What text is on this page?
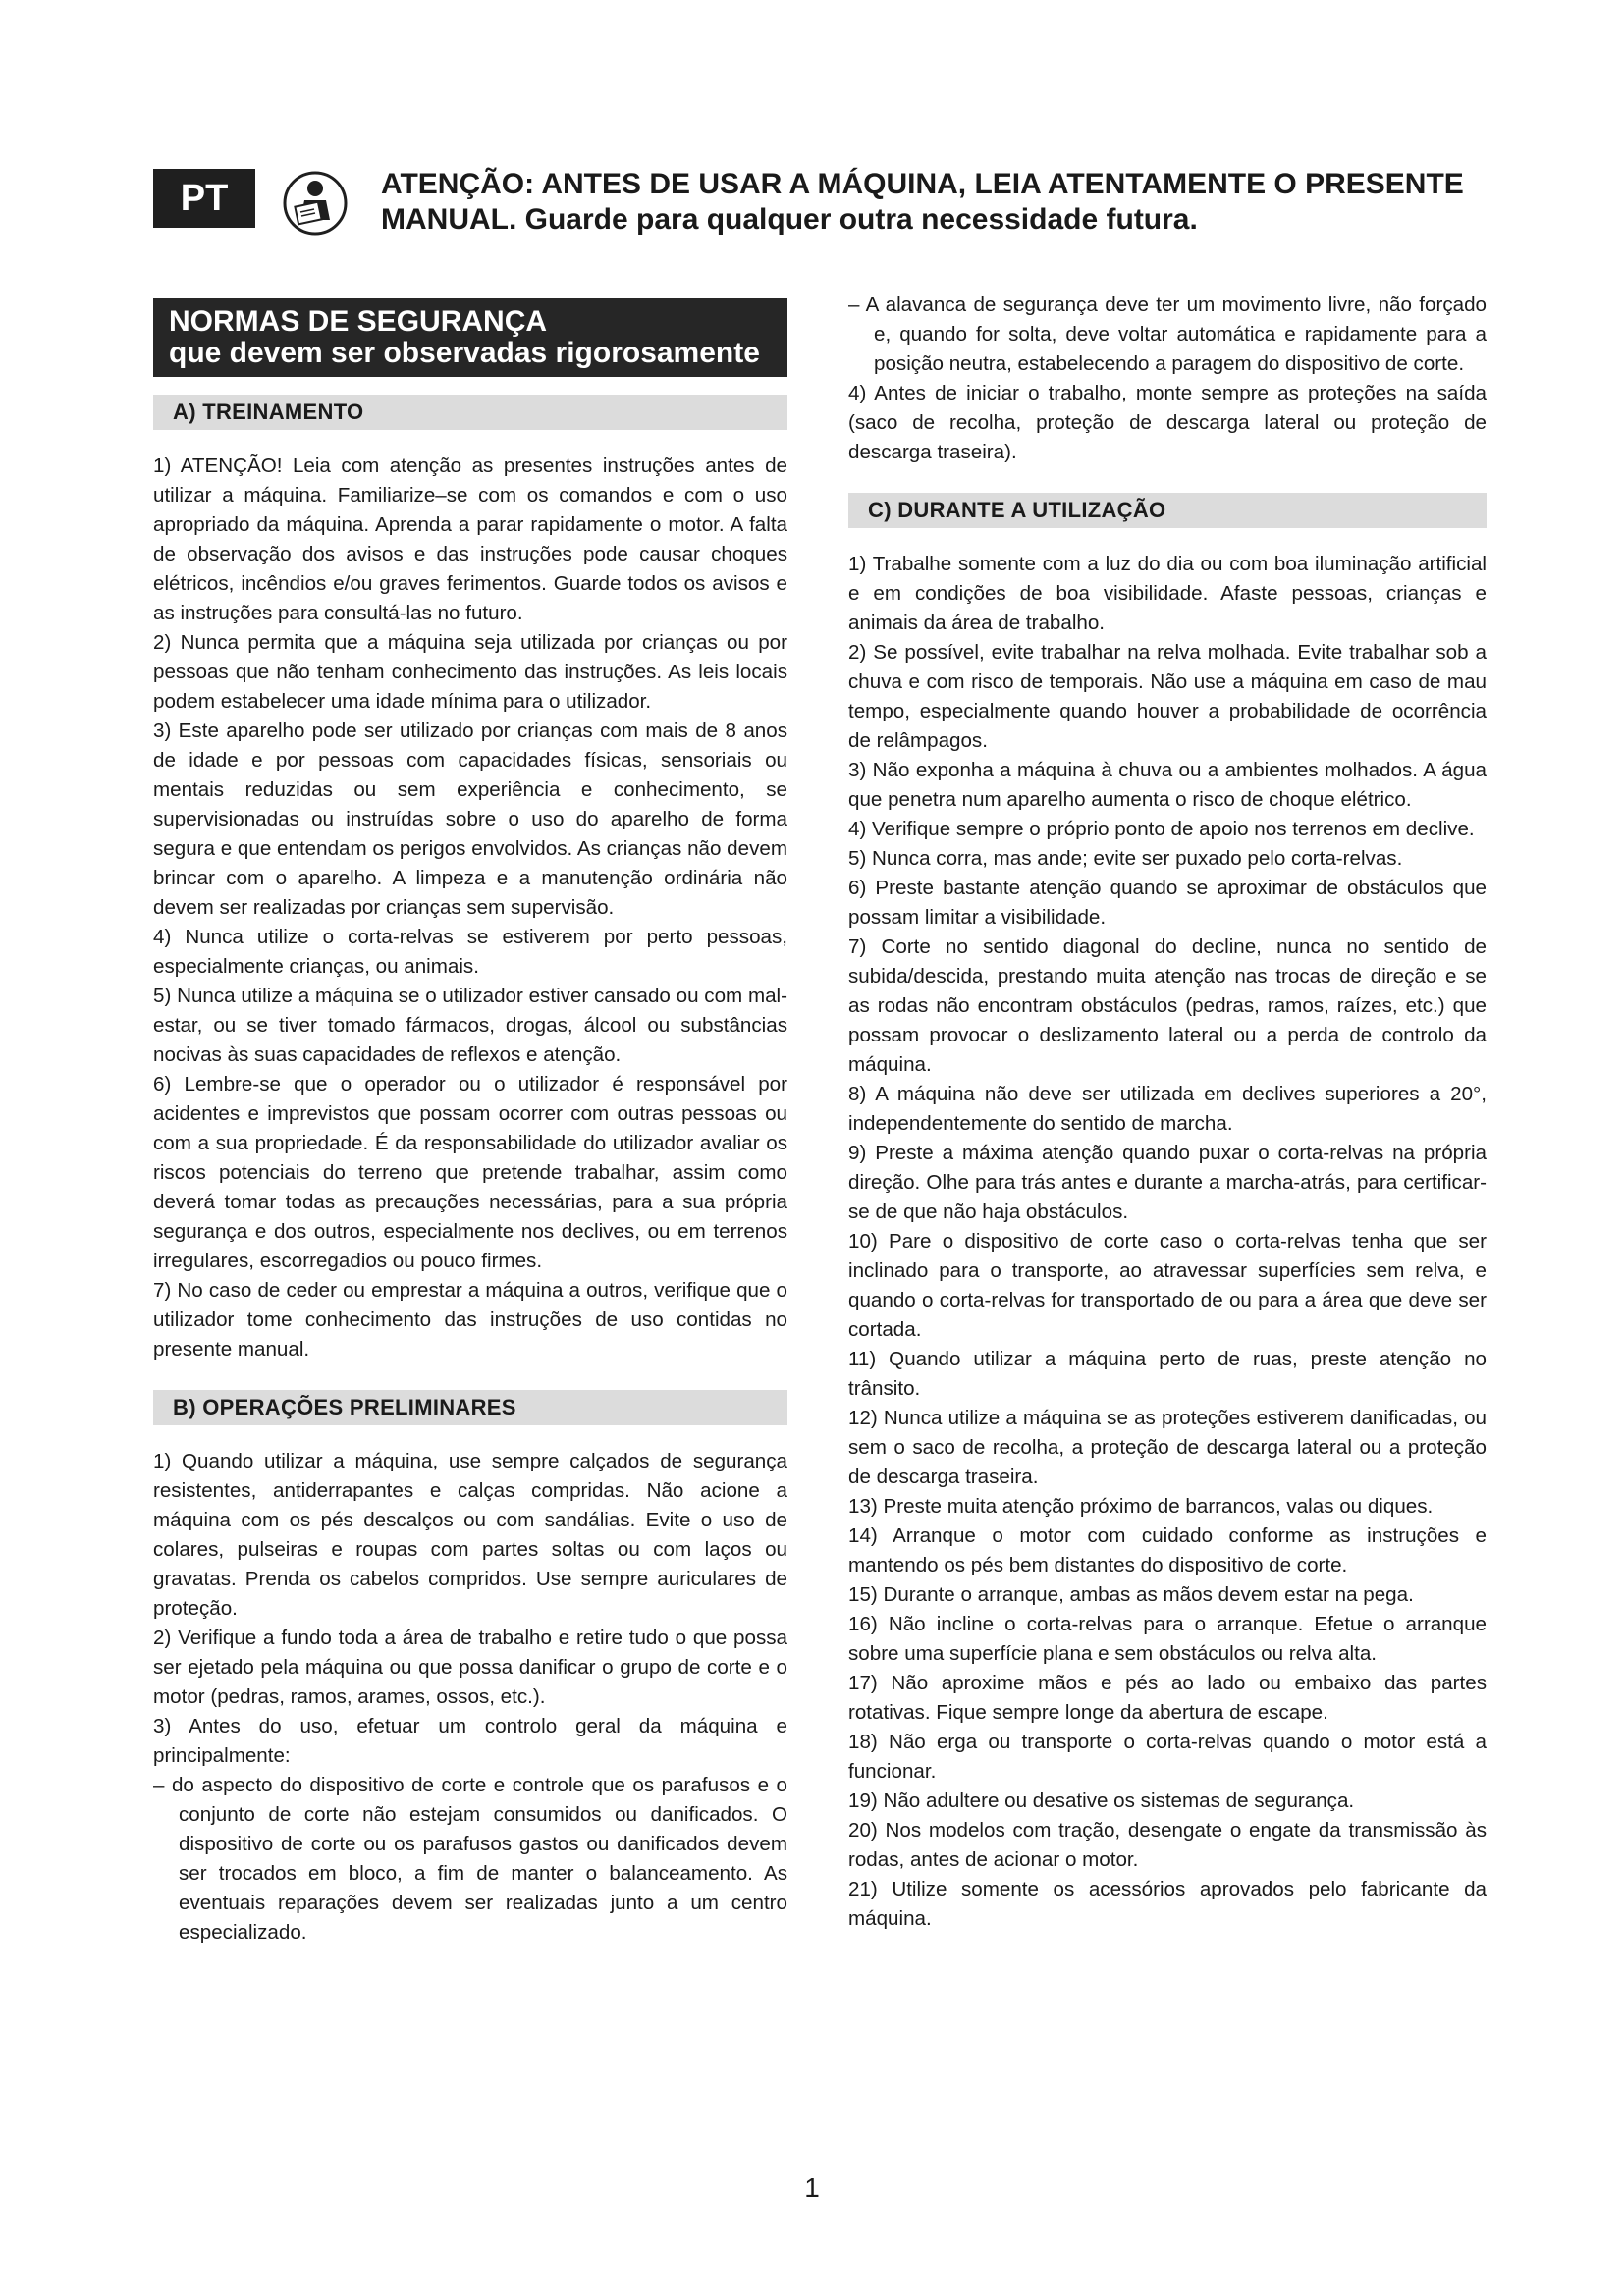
PT	ATENÇÃO: ANTES DE USAR A MÁQUINA, LEIA ATENTAMENTE O PRESENTE
MANUAL. Guarde para qualquer outra necessidade futura.
NORMAS DE SEGURANÇA
que devem ser observadas rigorosamente
A) TREINAMENTO

1) ATENÇÃO! Leia com atenção as presentes instruções antes de utilizar a máquina. Familiarize–se com os comandos e com o uso apropriado da máquina. Aprenda a parar rapidamente o motor. A falta de observação dos avisos e das instruções pode causar choques elétricos, incêndios e/ou graves ferimentos. Guarde todos os avisos e as instruções para consultá-las no futuro.

2) Nunca permita que a máquina seja utilizada por crianças ou por pessoas que não tenham conhecimento das instruções. As leis locais podem estabelecer uma idade mínima para o utilizador.

3) Este aparelho pode ser utilizado por crianças com mais de 8 anos de idade e por pessoas com capacidades físicas, sensoriais ou mentais reduzidas ou sem experiência e conhecimento, se supervisionadas ou instruídas sobre o uso do aparelho de forma segura e que entendam os perigos envolvidos. As crianças não devem brincar com o aparelho. A limpeza e a manutenção ordinária não devem ser realizadas por crianças sem supervisão.

4) Nunca utilize o corta-relvas se estiverem por perto pessoas, especialmente crianças, ou animais.

5) Nunca utilize a máquina se o utilizador estiver cansado ou com mal-estar, ou se tiver tomado fármacos, drogas, álcool ou substâncias nocivas às suas capacidades de reflexos e atenção.

6) Lembre-se que o operador ou o utilizador é responsável por acidentes e imprevistos que possam ocorrer com outras pessoas ou com a sua propriedade. É da responsabilidade do utilizador avaliar os riscos potenciais do terreno que pretende trabalhar, assim como deverá tomar todas as precauções necessárias, para a sua própria segurança e dos outros, especialmente nos declives, ou em terrenos irregulares, escorregadios ou pouco firmes.

7) No caso de ceder ou emprestar a máquina a outros, verifique que o utilizador tome conhecimento das instruções de uso contidas no presente manual.

B) OPERAÇÕES PRELIMINARES

1) Quando utilizar a máquina, use sempre calçados de segurança resistentes, antiderrapantes e calças compridas. Não acione a máquina com os pés descalços ou com sandálias. Evite o uso de colares, pulseiras e roupas com partes soltas ou com laços ou gravatas. Prenda os cabelos compridos. Use sempre auriculares de proteção.

2) Verifique a fundo toda a área de trabalho e retire tudo o que possa ser ejetado pela máquina ou que possa danificar o grupo de corte e o motor (pedras, ramos, arames, ossos, etc.).

3) Antes do uso, efetuar um controlo geral da máquina e principalmente:

– do aspecto do dispositivo de corte e controle que os parafusos e o conjunto de corte não estejam consumidos ou danificados. O dispositivo de corte ou os parafusos gastos ou danificados devem ser trocados em bloco, a fim de manter o balanceamento. As eventuais reparações devem ser realizadas junto a um centro especializado.

– A alavanca de segurança deve ter um movimento livre, não forçado e, quando for solta, deve voltar automática e rapidamente para a posição neutra, estabelecendo a paragem do dispositivo de corte.

4) Antes de iniciar o trabalho, monte sempre as proteções na saída (saco de recolha, proteção de descarga lateral ou proteção de descarga traseira).

C) DURANTE A UTILIZAÇÃO

1) Trabalhe somente com a luz do dia ou com boa iluminação artificial e em condições de boa visibilidade. Afaste pessoas, crianças e animais da área de trabalho.

2) Se possível, evite trabalhar na relva molhada. Evite trabalhar sob a chuva e com risco de temporais. Não use a máquina em caso de mau tempo, especialmente quando houver a probabilidade de ocorrência de relâmpagos.

3) Não exponha a máquina à chuva ou a ambientes molhados. A água que penetra num aparelho aumenta o risco de choque elétrico.

4) Verifique sempre o próprio ponto de apoio nos terrenos em declive.

5) Nunca corra, mas ande; evite ser puxado pelo corta-relvas.

6) Preste bastante atenção quando se aproximar de obstáculos que possam limitar a visibilidade.

7) Corte no sentido diagonal do decline, nunca no sentido de subida/descida, prestando muita atenção nas trocas de direção e se as rodas não encontram obstáculos (pedras, ramos, raízes, etc.) que possam provocar o deslizamento lateral ou a perda de controlo da máquina.

8) A máquina não deve ser utilizada em declives superiores a 20°, independentemente do sentido de marcha.

9) Preste a máxima atenção quando puxar o corta-relvas na própria direção. Olhe para trás antes e durante a marcha-atrás, para certificar-se de que não haja obstáculos.

10) Pare o dispositivo de corte caso o corta-relvas tenha que ser inclinado para o transporte, ao atravessar superfícies sem relva, e quando o corta-relvas for transportado de ou para a área que deve ser cortada.

11) Quando utilizar a máquina perto de ruas, preste atenção no trânsito.

12) Nunca utilize a máquina se as proteções estiverem danificadas, ou sem o saco de recolha, a proteção de descarga lateral ou a proteção de descarga traseira.

13) Preste muita atenção próximo de barrancos, valas ou diques.

14) Arranque o motor com cuidado conforme as instruções e mantendo os pés bem distantes do dispositivo de corte.

15) Durante o arranque, ambas as mãos devem estar na pega.

16) Não incline o corta-relvas para o arranque. Efetue o arranque sobre uma superfície plana e sem obstáculos ou relva alta.

17) Não aproxime mãos e pés ao lado ou embaixo das partes rotativas. Fique sempre longe da abertura de escape.

18) Não erga ou transporte o corta-relvas quando o motor está a funcionar.

19) Não adultere ou desative os sistemas de segurança.

20) Nos modelos com tração, desengate o engate da transmissão às rodas, antes de acionar o motor.

21) Utilize somente os acessórios aprovados pelo fabricante da máquina.

1
